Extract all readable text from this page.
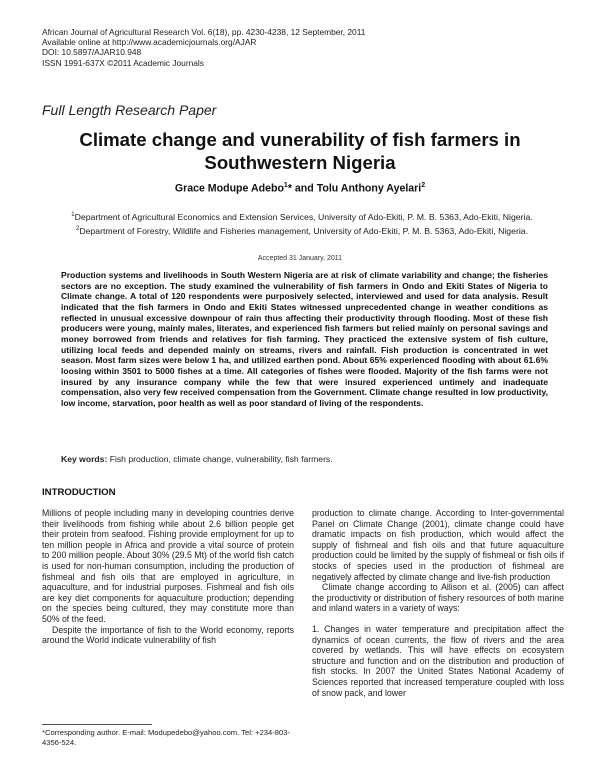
African Journal of Agricultural Research Vol. 6(18), pp. 4230-4238, 12 September, 2011
Available online at http://www.academicjournals.org/AJAR
DOI: 10.5897/AJAR10.948
ISSN 1991-637X ©2011 Academic Journals
Full Length Research Paper
Climate change and vunerability of fish farmers in Southwestern Nigeria
Grace Modupe Adebo$^1$* and Tolu Anthony Ayelari$^2$
$^1$Department of Agricultural Economics and Extension Services, University of Ado-Ekiti, P. M. B. 5363, Ado-Ekiti, Nigeria.
$^2$Department of Forestry, Wildlife and Fisheries management, University of Ado-Ekiti, P. M. B. 5363, Ado-Ekiti, Nigeria.
Accepted 31 January, 2011
Production systems and livelihoods in South Western Nigeria are at risk of climate variability and change; the fisheries sectors are no exception. The study examined the vulnerability of fish farmers in Ondo and Ekiti States of Nigeria to Climate change. A total of 120 respondents were purposively selected, interviewed and used for data analysis. Result indicated that the fish farmers in Ondo and Ekiti States witnessed unprecedented change in weather conditions as reflected in unusual excessive downpour of rain thus affecting their productivity through flooding. Most of these fish producers were young, mainly males, literates, and experienced fish farmers but relied mainly on personal savings and money borrowed from friends and relatives for fish farming. They practiced the extensive system of fish culture, utilizing local feeds and depended mainly on streams, rivers and rainfall. Fish production is concentrated in wet season. Most farm sizes were below 1 ha, and utilized earthen pond. About 65% experienced flooding with about 61.6% loosing within 3501 to 5000 fishes at a time. All categories of fishes were flooded. Majority of the fish farms were not insured by any insurance company while the few that were insured experienced untimely and inadequate compensation, also very few received compensation from the Government. Climate change resulted in low productivity, low income, starvation, poor health as well as poor standard of living of the respondents.
Key words: Fish production, climate change, vulnerability, fish farmers.
INTRODUCTION

Millions of people including many in developing countries derive their livelihoods from fishing while about 2.6 billion people get their protein from seafood. Fishing provide employment for up to ten million people in Africa and provide a vital source of protein to 200 million people. About 30% (29.5 Mt) of the world fish catch is used for non-human consumption, including the production of fishmeal and fish oils that are employed in agriculture, in aquaculture, and for industrial purposes. Fishmeal and fish oils are key diet components for aquaculture production; depending on the species being cultured, they may constitute more than 50% of the feed.

Despite the importance of fish to the World economy, reports around the World indicate vulnerability of fish

production to climate change. According to Inter-governmental Panel on Climate Change (2001), climate change could have dramatic impacts on fish production, which would affect the supply of fishmeal and fish oils and that future aquaculture production could be limited by the supply of fishmeal or fish oils if stocks of species used in the production of fishmeal are negatively affected by climate change and live-fish production

Climate change according to Allison et al. (2005) can affect the productivity or distribution of fishery resources of both marine and inland waters in a variety of ways:

1. Changes in water temperature and precipitation affect the dynamics of ocean currents, the flow of rivers and the area covered by wetlands. This will have effects on ecosystem structure and function and on the distribution and production of fish stocks. In 2007 the United States National Academy of Sciences reported that increased temperature coupled with loss of snow pack, and lower

*Corresponding author. E-mail: Modupedebo@yahoo.com. Tel: +234-803-4356-524.
